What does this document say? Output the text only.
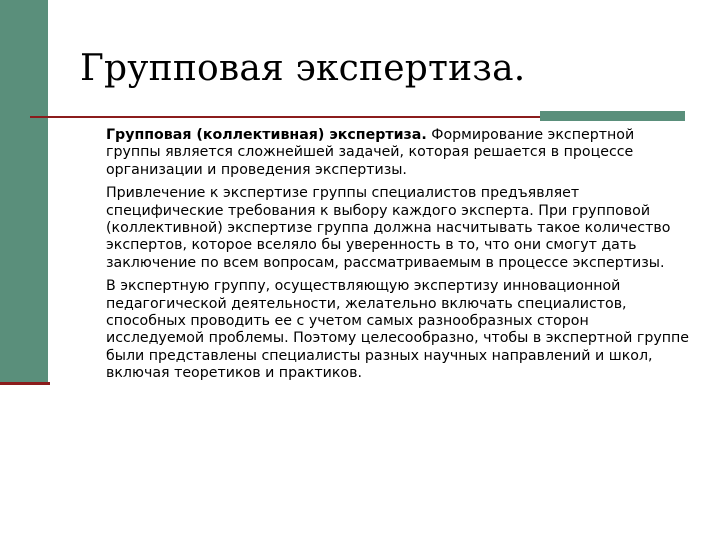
Групповая экспертиза.

Групповая (коллективная) экспертиза. Формирование экспертной группы является сложнейшей задачей, которая решается в процессе организации и проведения экспертизы.

Привлечение к экспертизе группы специалистов предъявляет специфические требования к выбору каждого эксперта. При групповой (коллективной) экспертизе группа должна насчитывать такое количество экспертов, которое вселяло бы уверенность в то, что они смогут дать заключение по всем вопросам, рассматриваемым в процессе экспертизы.

В экспертную группу, осуществляющую экспертизу инновационной педагогической деятельности, желательно включать специалистов, способных проводить ее с учетом самых разнообразных сторон исследуемой проблемы. Поэтому целесообразно, чтобы в экспертной группе были представлены специалисты разных научных направлений и школ, включая теоретиков и практиков.
